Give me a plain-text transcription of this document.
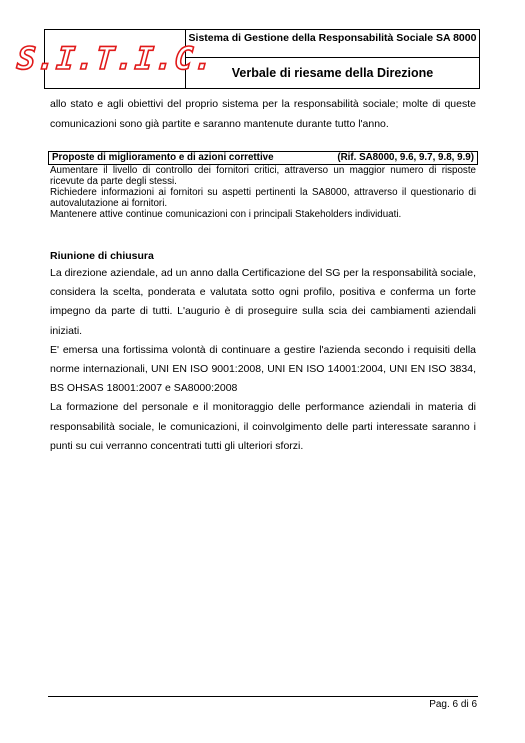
S.I.T.I.C.
Sistema di Gestione della Responsabilità Sociale SA 8000
Verbale di riesame della Direzione

allo stato e agli obiettivi del proprio sistema per la responsabilità sociale; molte di queste comunicazioni sono già partite e saranno mantenute durante tutto l'anno.

Proposte di miglioramento e di azioni correttive	(Rif. SA8000, 9.6, 9.7, 9.8, 9.9)

Aumentare il livello di controllo dei fornitori critici, attraverso un maggior numero di risposte ricevute da parte degli stessi.

Richiedere informazioni ai fornitori su aspetti pertinenti la SA8000, attraverso il questionario di autovalutazione ai fornitori.

Mantenere attive continue comunicazioni con i principali Stakeholders individuati.

Riunione di chiusura

La direzione aziendale, ad un anno dalla Certificazione del SG per la responsabilità sociale, considera la scelta, ponderata e valutata sotto ogni profilo, positiva e conferma un forte impegno da parte di tutti. L'augurio è di proseguire sulla scia dei cambiamenti aziendali iniziati.

E' emersa una fortissima volontà di continuare a gestire l'azienda secondo i requisiti della norme internazionali, UNI EN ISO 9001:2008, UNI EN ISO 14001:2004, UNI EN ISO 3834, BS OHSAS 18001:2007 e SA8000:2008

La formazione del personale e il monitoraggio delle performance aziendali in materia di responsabilità sociale, le comunicazioni, il coinvolgimento delle parti interessate saranno i punti su cui verranno concentrati tutti gli ulteriori sforzi.

Pag. 6 di 6
